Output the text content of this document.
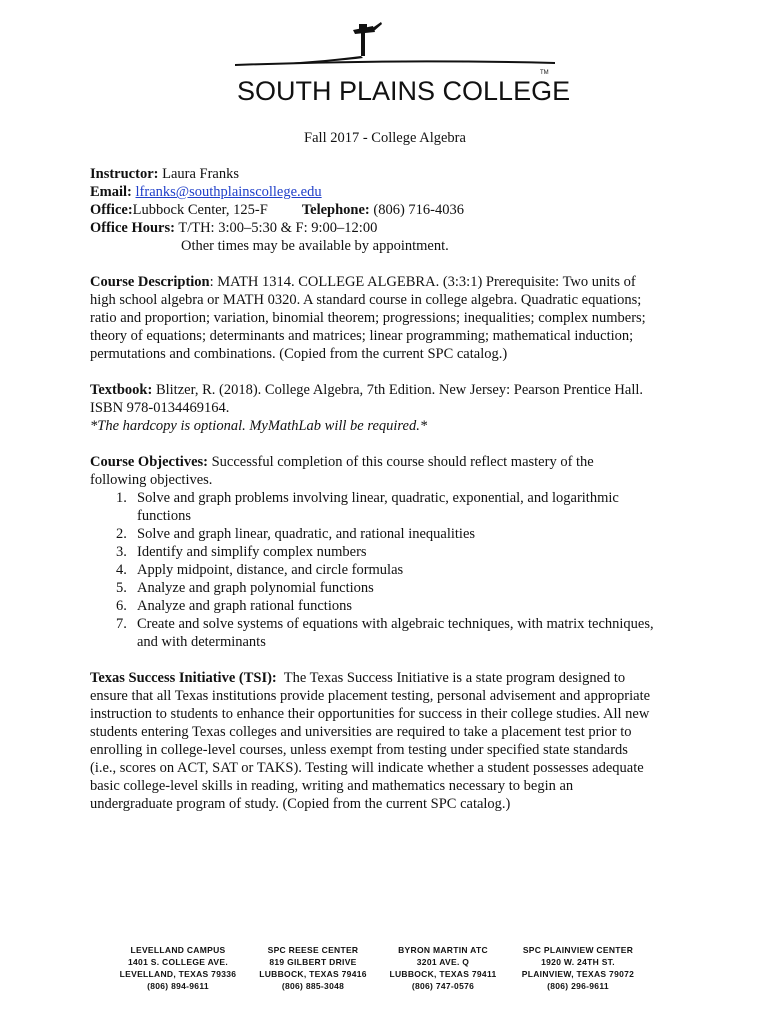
SOUTH PLAINS COLLEGE
TM
Fall 2017 - College Algebra
Instructor: Laura Franks
Email: lfranks@southplainscollege.edu
Office:Lubbock Center, 125-F Telephone: (806) 716-4036
Office Hours: T/TH: 3:00–5:30 & F: 9:00–12:00
Other times may be available by appointment.
Course Description: MATH 1314. COLLEGE ALGEBRA. (3:3:1) Prerequisite: Two units of
high school algebra or MATH 0320. A standard course in college algebra. Quadratic equations;
ratio and proportion; variation, binomial theorem; progressions; inequalities; complex numbers;
theory of equations; determinants and matrices; linear programming; mathematical induction;
permutations and combinations. (Copied from the current SPC catalog.)
Textbook: Blitzer, R. (2018). College Algebra, 7th Edition. New Jersey: Pearson Prentice Hall.
ISBN 978-0134469164.
*The hardcopy is optional. MyMathLab will be required.*
Course Objectives: Successful completion of this course should reflect mastery of the
following objectives.
1. Solve and graph problems involving linear, quadratic, exponential, and logarithmic
functions
2. Solve and graph linear, quadratic, and rational inequalities
3. Identify and simplify complex numbers
4. Apply midpoint, distance, and circle formulas
5. Analyze and graph polynomial functions
6. Analyze and graph rational functions
7. Create and solve systems of equations with algebraic techniques, with matrix techniques,
and with determinants
Texas Success Initiative (TSI): The Texas Success Initiative is a state program designed to
ensure that all Texas institutions provide placement testing, personal advisement and appropriate
instruction to students to enhance their opportunities for success in their college studies. All new
students entering Texas colleges and universities are required to take a placement test prior to
enrolling in college-level courses, unless exempt from testing under specified state standards
(i.e., scores on ACT, SAT or TAKS). Testing will indicate whether a student possesses adequate
basic college-level skills in reading, writing and mathematics necessary to begin an
undergraduate program of study. (Copied from the current SPC catalog.)
LEVELLAND CAMPUS
1401 S. COLLEGE AVE.
LEVELLAND, TEXAS 79336
(806) 894-9611
SPC REESE CENTER
819 GILBERT DRIVE
LUBBOCK, TEXAS 79416
(806) 885-3048
BYRON MARTIN ATC
3201 AVE. Q
LUBBOCK, TEXAS 79411
(806) 747-0576
SPC PLAINVIEW CENTER
1920 W. 24TH ST.
PLAINVIEW, TEXAS 79072
(806) 296-9611
